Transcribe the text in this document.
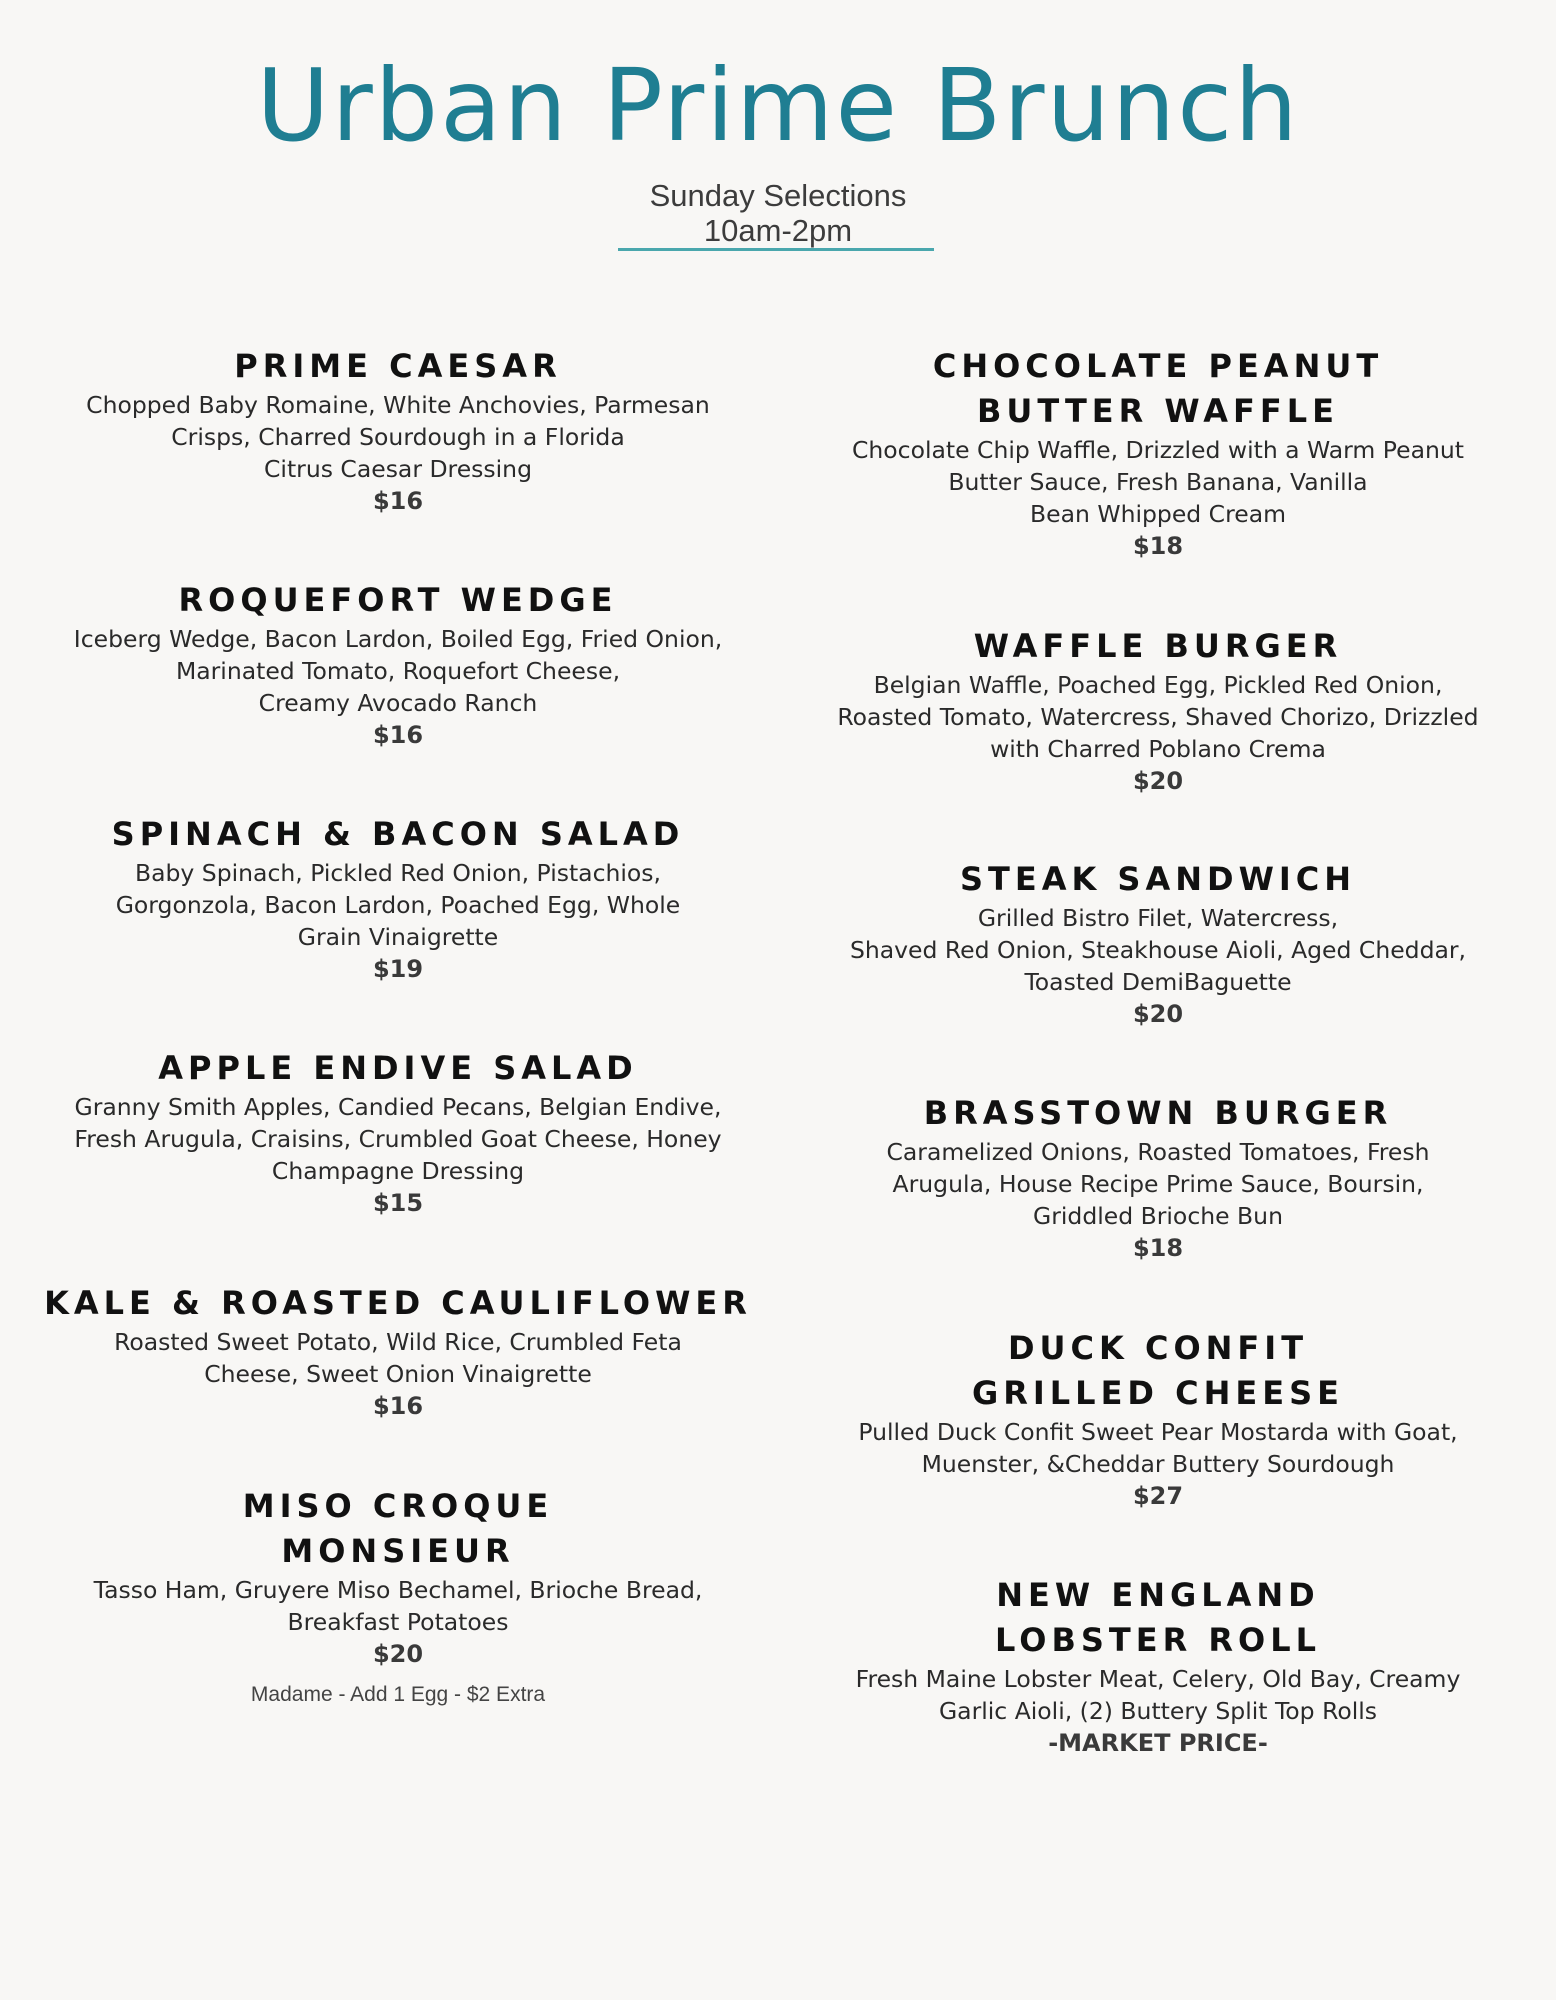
Urban Prime Brunch
Sunday Selections
10am-2pm
PRIME CAESAR
Chopped Baby Romaine, White Anchovies, Parmesan
Crisps, Charred Sourdough in a Florida
Citrus Caesar Dressing
$16
ROQUEFORT WEDGE
Iceberg Wedge, Bacon Lardon, Boiled Egg, Fried Onion,
Marinated Tomato, Roquefort Cheese,
Creamy Avocado Ranch
$16
SPINACH & BACON SALAD
Baby Spinach, Pickled Red Onion, Pistachios,
Gorgonzola, Bacon Lardon, Poached Egg, Whole
Grain Vinaigrette
$19
APPLE ENDIVE SALAD
Granny Smith Apples, Candied Pecans, Belgian Endive,
Fresh Arugula, Craisins, Crumbled Goat Cheese, Honey
Champagne Dressing
$15
KALE & ROASTED CAULIFLOWER
Roasted Sweet Potato, Wild Rice, Crumbled Feta
Cheese, Sweet Onion Vinaigrette
$16
MISO CROQUE
MONSIEUR
Tasso Ham, Gruyere Miso Bechamel, Brioche Bread,
Breakfast Potatoes
$20
Madame - Add 1 Egg - $2 Extra
CHOCOLATE PEANUT
BUTTER WAFFLE
Chocolate Chip Waffle, Drizzled with a Warm Peanut
Butter Sauce, Fresh Banana, Vanilla
Bean Whipped Cream
$18
WAFFLE BURGER
Belgian Waffle, Poached Egg, Pickled Red Onion,
Roasted Tomato, Watercress, Shaved Chorizo, Drizzled
with Charred Poblano Crema
$20
STEAK SANDWICH
Grilled Bistro Filet, Watercress,
Shaved Red Onion, Steakhouse Aioli, Aged Cheddar,
Toasted DemiBaguette
$20
BRASSTOWN BURGER
Caramelized Onions, Roasted Tomatoes, Fresh
Arugula, House Recipe Prime Sauce, Boursin,
Griddled Brioche Bun
$18
DUCK CONFIT
GRILLED CHEESE
Pulled Duck Confit Sweet Pear Mostarda with Goat,
Muenster, &Cheddar Buttery Sourdough
$27
NEW ENGLAND
LOBSTER ROLL
Fresh Maine Lobster Meat, Celery, Old Bay, Creamy
Garlic Aioli, (2) Buttery Split Top Rolls
-MARKET PRICE-
